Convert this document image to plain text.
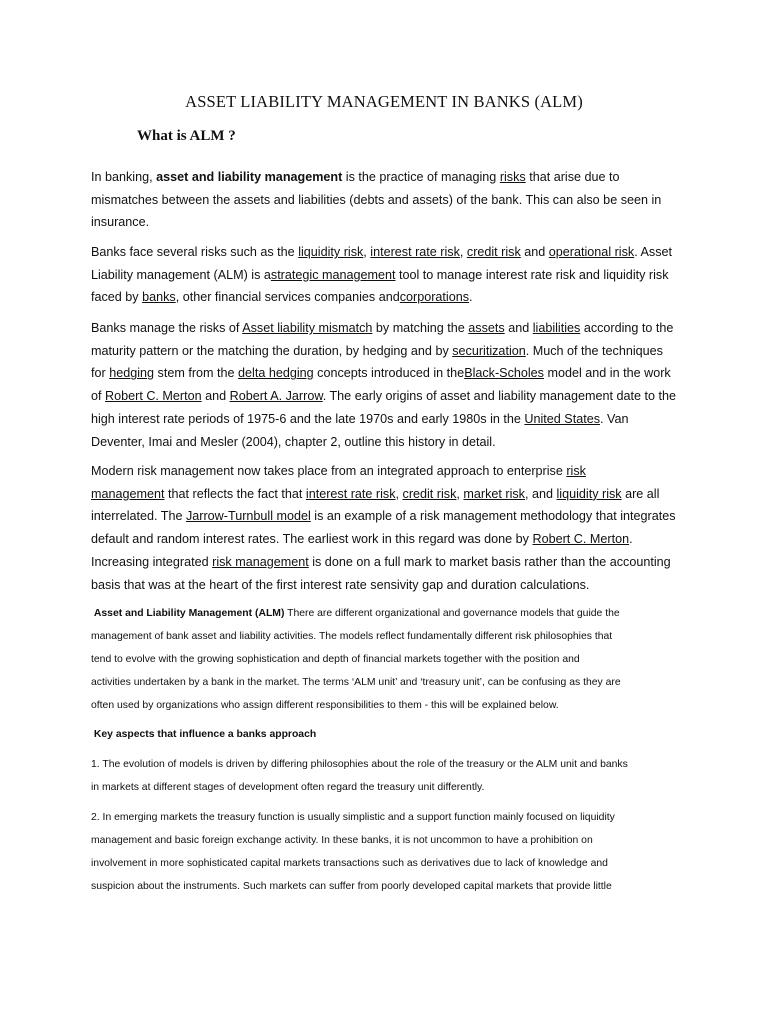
ASSET LIABILITY MANAGEMENT IN BANKS (ALM)
What is ALM ?
In banking, asset and liability management is the practice of managing risks that arise due to
mismatches between the assets and liabilities (debts and assets) of the bank. This can also be seen in
insurance.
Banks face several risks such as the liquidity risk, interest rate risk, credit risk and operational risk. Asset
Liability management (ALM) is astrategic management tool to manage interest rate risk and liquidity risk
faced by banks, other financial services companies andcorporations.
Banks manage the risks of Asset liability mismatch by matching the assets and liabilities according to the
maturity pattern or the matching the duration, by hedging and by securitization. Much of the techniques
for hedging stem from the delta hedging concepts introduced in theBlack-Scholes model and in the work
of Robert C. Merton and Robert A. Jarrow. The early origins of asset and liability management date to the
high interest rate periods of 1975-6 and the late 1970s and early 1980s in the United States. Van
Deventer, Imai and Mesler (2004), chapter 2, outline this history in detail.
Modern risk management now takes place from an integrated approach to enterprise risk
management that reflects the fact that interest rate risk, credit risk, market risk, and liquidity risk are all
interrelated. The Jarrow-Turnbull model is an example of a risk management methodology that integrates
default and random interest rates. The earliest work in this regard was done by Robert C. Merton.
Increasing integrated risk management is done on a full mark to market basis rather than the accounting
basis that was at the heart of the first interest rate sensivity gap and duration calculations.
Asset and Liability Management (ALM) There are different organizational and governance models that guide the
management of bank asset and liability activities. The models reflect fundamentally different risk philosophies that
tend to evolve with the growing sophistication and depth of financial markets together with the position and
activities undertaken by a bank in the market. The terms ‘ALM unit’ and ‘treasury unit’, can be confusing as they are
often used by organizations who assign different responsibilities to them - this will be explained below.
Key aspects that influence a banks approach
1. The evolution of models is driven by differing philosophies about the role of the treasury or the ALM unit and banks
in markets at different stages of development often regard the treasury unit differently.
2. In emerging markets the treasury function is usually simplistic and a support function mainly focused on liquidity
management and basic foreign exchange activity. In these banks, it is not uncommon to have a prohibition on
involvement in more sophisticated capital markets transactions such as derivatives due to lack of knowledge and
suspicion about the instruments. Such markets can suffer from poorly developed capital markets that provide little
